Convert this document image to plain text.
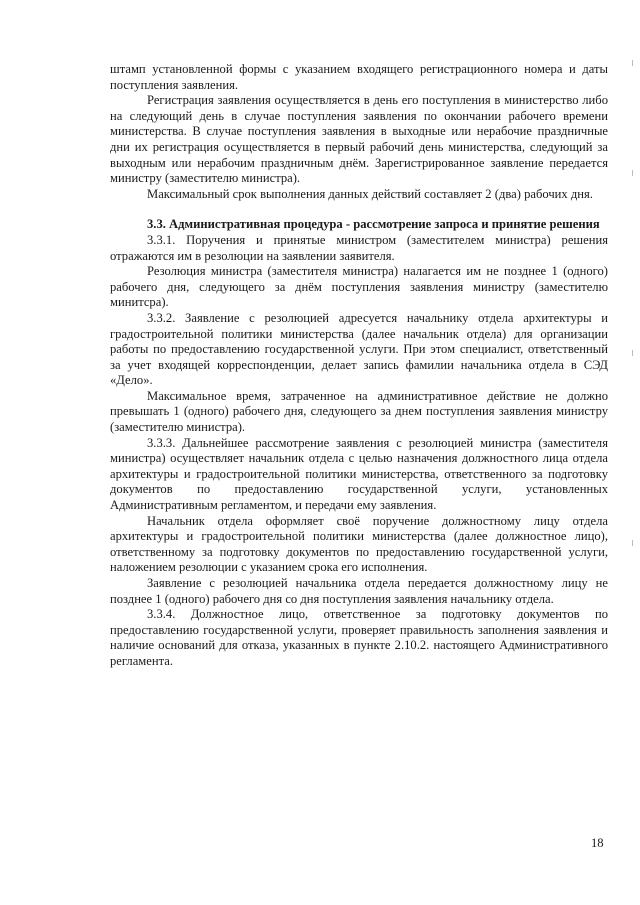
штамп установленной формы с указанием входящего регистрационного номера и даты поступления заявления.

Регистрация заявления осуществляется в день его поступления в министерство либо на следующий день в случае поступления заявления по окончании рабочего времени министерства. В случае поступления заявления в выходные или нерабочие праздничные дни их регистрация осуществляется в первый рабочий день министерства, следующий за выходным или нерабочим праздничным днём. Зарегистрированное заявление передается министру (заместителю министра).

Максимальный срок выполнения данных действий составляет 2 (два) рабочих дня.

3.3. Административная процедура - рассмотрение запроса и принятие решения

3.3.1. Поручения и принятые министром (заместителем министра) решения отражаются им в резолюции на заявлении заявителя.

Резолюция министра (заместителя министра) налагается им не позднее 1 (одного) рабочего дня, следующего за днём поступления заявления министру (заместителю минитсра).

3.3.2. Заявление с резолюцией адресуется начальнику отдела архитектуры и градостроительной политики министерства (далее начальник отдела) для организации работы по предоставлению государственной услуги. При этом специалист, ответственный за учет входящей корреспонденции, делает запись фамилии начальника отдела в СЭД «Дело».

Максимальное время, затраченное на административное действие не должно превышать 1 (одного) рабочего дня, следующего за днем поступления заявления министру (заместителю министра).

3.3.3. Дальнейшее рассмотрение заявления с резолюцией министра (заместителя министра) осуществляет начальник отдела с целью назначения должностного лица отдела архитектуры и градостроительной политики министерства, ответственного за подготовку документов по предоставлению государственной услуги, установленных Административным регламентом, и передачи ему заявления.

Начальник отдела оформляет своё поручение должностному лицу отдела архитектуры и градостроительной политики министерства (далее должностное лицо), ответственному за подготовку документов по предоставлению государственной услуги, наложением резолюции с указанием срока его исполнения.

Заявление с резолюцией начальника отдела передается должностному лицу не позднее 1 (одного) рабочего дня со дня поступления заявления начальнику отдела.

3.3.4. Должностное лицо, ответственное за подготовку документов по предоставлению государственной услуги, проверяет правильность заполнения заявления и наличие оснований для отказа, указанных в пункте 2.10.2. настоящего Административного регламента.

18
